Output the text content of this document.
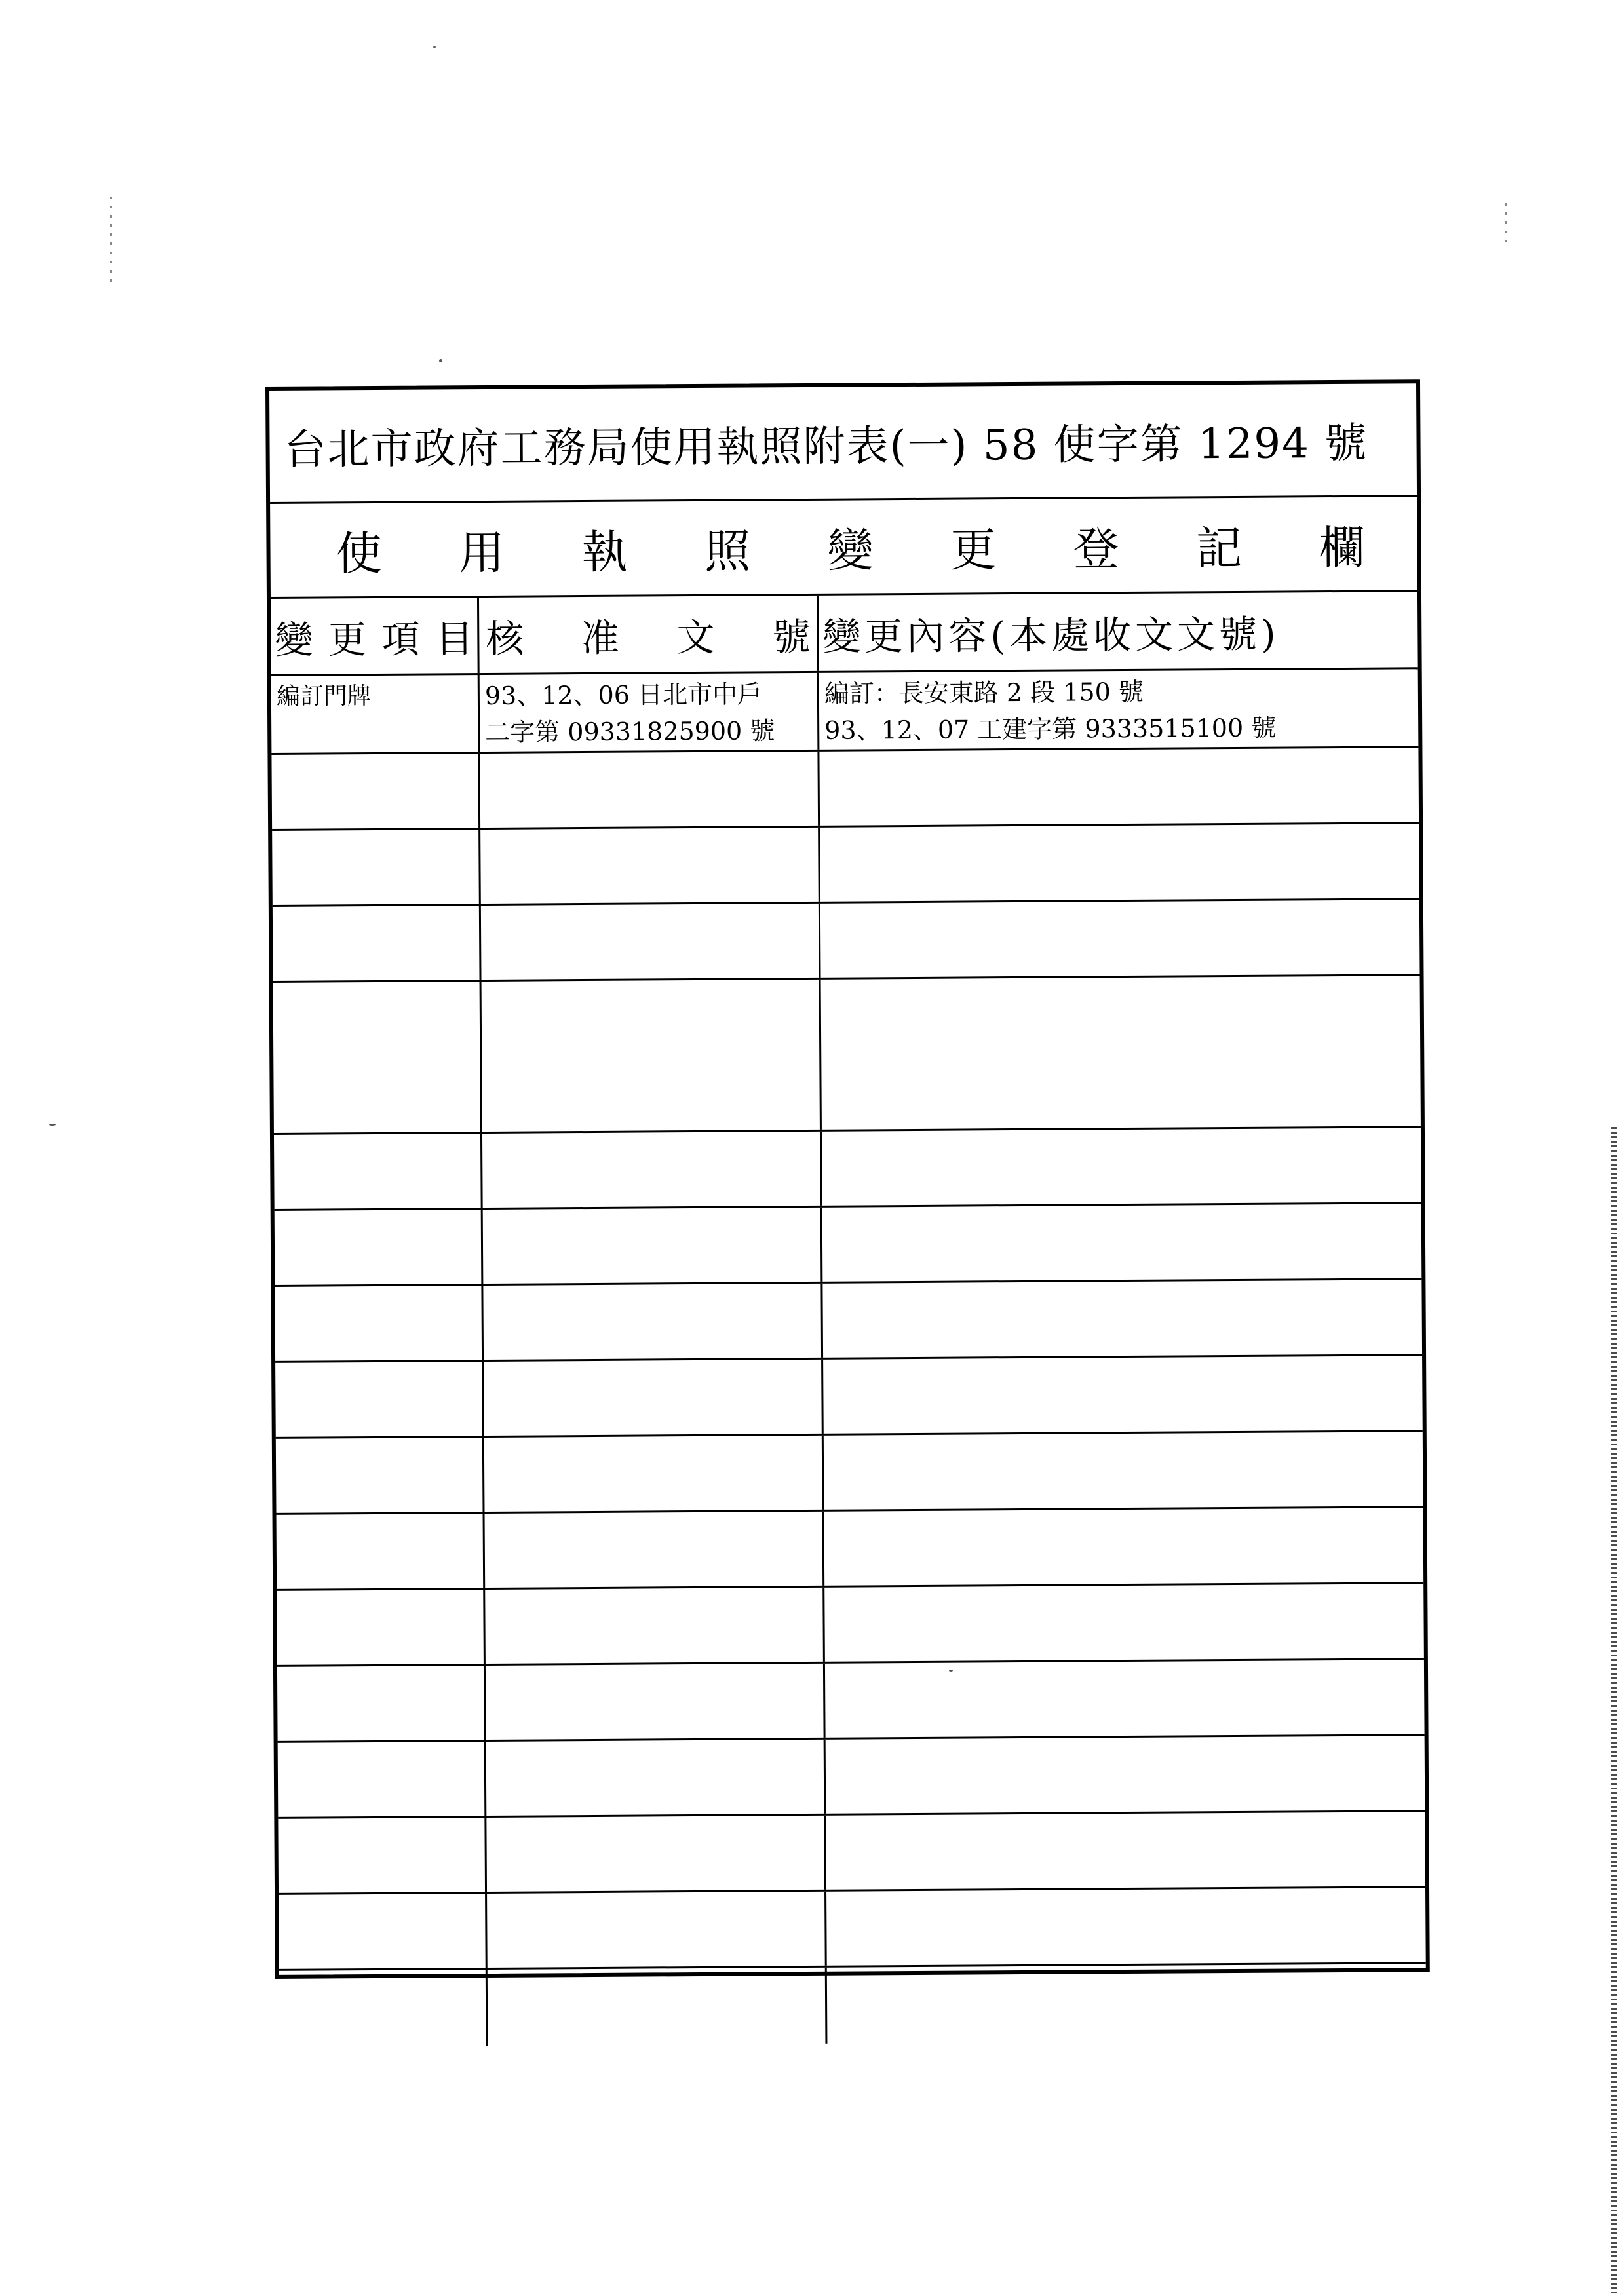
台北市政府工務局使用執照附表(一) 58 使字第 1294 號
使 用 執 照 變 更 登 記 欄
變 更 項 目 核 准 文 號 變更內容(本處收文文號)
編訂門牌	93、12、06 日北市中戶
二字第 09331825900 號
編訂：長安東路 2 段 150 號
93、12、07 工建字第 9333515100 號
